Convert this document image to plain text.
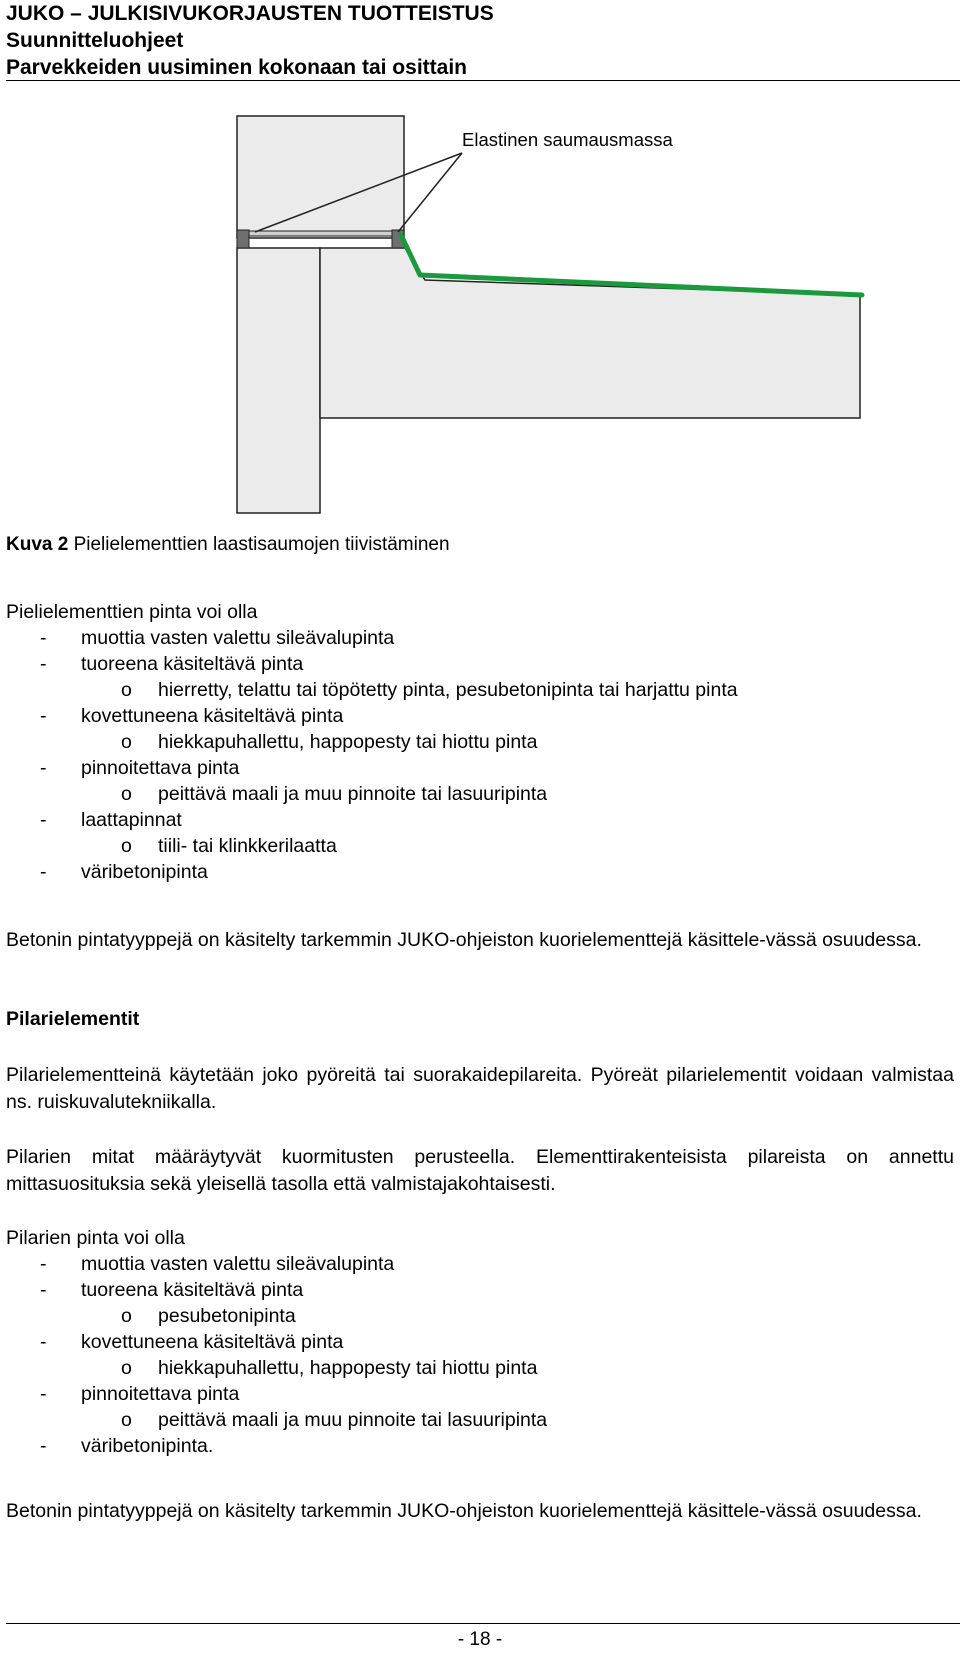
JUKO – JULKISIVUKORJAUSTEN TUOTTEISTUS
Suunnitteluohjeet
Parvekkeiden uusiminen kokonaan tai osittain
Elastinen saumausmassa
Kuva 2 Pielielementtien laastisaumojen tiivistäminen
Pielielementtien pinta voi olla
- muottia vasten valettu sileävalupinta
- tuoreena käsiteltävä pinta
o hierretty, telattu tai töpötetty pinta, pesubetonipinta tai harjattu pinta
- kovettuneena käsiteltävä pinta
o hiekkapuhallettu, happopesty tai hiottu pinta
- pinnoitettava pinta
o peittävä maali ja muu pinnoite tai lasuuripinta
- laattapinnat
o tiili- tai klinkkerilaatta
- väribetonipinta
Betonin pintatyyppejä on käsitelty tarkemmin JUKO-ohjeiston kuorielementtejä käsittele-vässä osuudessa.
Pilarielementit
Pilarielementteinä käytetään joko pyöreitä tai suorakaidepilareita. Pyöreät pilarielementit voidaan valmistaa ns. ruiskuvalutekniikalla.
Pilarien mitat määräytyvät kuormitusten perusteella. Elementtirakenteisista pilareista on annettu mittasuosituksia sekä yleisellä tasolla että valmistajakohtaisesti.
Pilarien pinta voi olla
- muottia vasten valettu sileävalupinta
- tuoreena käsiteltävä pinta
o pesubetonipinta
- kovettuneena käsiteltävä pinta
o hiekkapuhallettu, happopesty tai hiottu pinta
- pinnoitettava pinta
o peittävä maali ja muu pinnoite tai lasuuripinta
- väribetonipinta.
Betonin pintatyyppejä on käsitelty tarkemmin JUKO-ohjeiston kuorielementtejä käsittele-vässä osuudessa.
- 18 -
